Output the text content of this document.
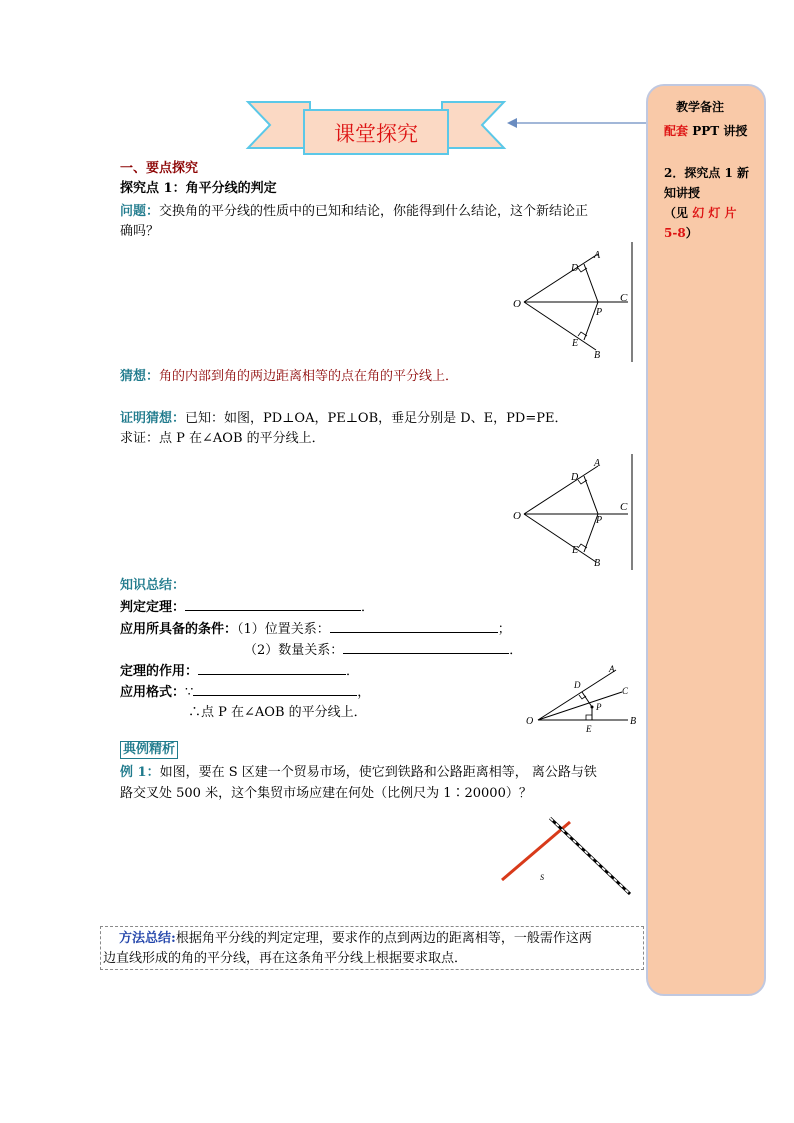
课堂探究
教学备注
配套 PPT 讲授
2．探究点 1 新
知讲授
（见 幻 灯 片
5-8）
一、要点探究
探究点 1：角平分线的判定
问题：交换角的平分线的性质中的已知和结论，你能得到什么结论，这个新结论正
确吗？
O
A
D
C
P
E
B
猜想：角的内部到角的两边距离相等的点在角的平分线上．
证明猜想：已知：如图，PD⊥OA，PE⊥OB，垂足分别是 D、E，PD=PE．
求证：点 P 在∠AOB 的平分线上．
O
A
D
C
P
E
B
知识总结：
判定定理：	．
应用所具备的条件：（1）位置关系：	；
（2）数量关系：	．
定理的作用：	．
应用格式：∵	，
∴点 P 在∠AOB 的平分线上．
O
A
D
C
P
E
B
典例精析
例 1：如图，要在 S 区建一个贸易市场，使它到铁路和公路距离相等， 离公路与铁
路交叉处 500 米，这个集贸市场应建在何处（比例尺为 1∶20000）？
S
方法总结:根据角平分线的判定定理，要求作的点到两边的距离相等，一般需作这两
边直线形成的角的平分线，再在这条角平分线上根据要求取点．
